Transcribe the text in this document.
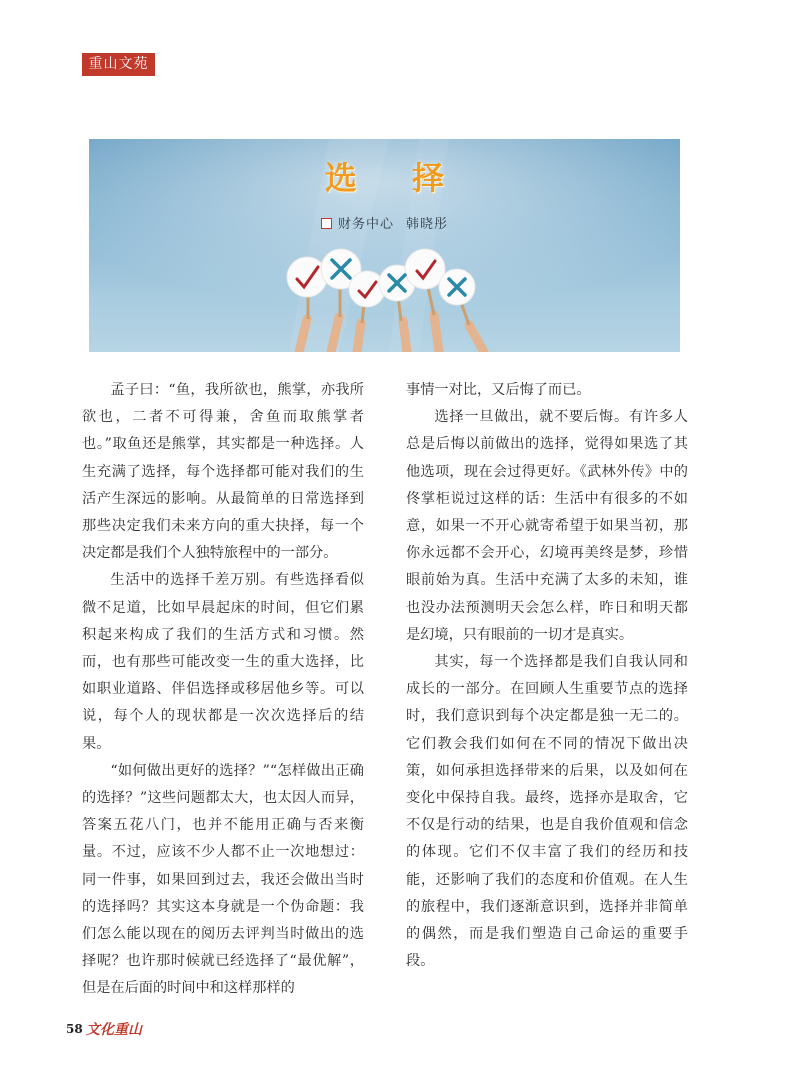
重山文苑
选 择
财务中心 韩晓彤

孟子曰：“鱼，我所欲也，熊掌，亦我所欲也，二者不可得兼，舍鱼而取熊掌者也。”取鱼还是熊掌，其实都是一种选择。人生充满了选择，每个选择都可能对我们的生活产生深远的影响。从最简单的日常选择到那些决定我们未来方向的重大抉择，每一个决定都是我们个人独特旅程中的一部分。

生活中的选择千差万别。有些选择看似微不足道，比如早晨起床的时间，但它们累积起来构成了我们的生活方式和习惯。然而，也有那些可能改变一生的重大选择，比如职业道路、伴侣选择或移居他乡等。可以说，每个人的现状都是一次次选择后的结果。

“如何做出更好的选择？”“怎样做出正确的选择？”这些问题都太大，也太因人而异，答案五花八门，也并不能用正确与否来衡量。不过，应该不少人都不止一次地想过：同一件事，如果回到过去，我还会做出当时的选择吗？其实这本身就是一个伪命题：我们怎么能以现在的阅历去评判当时做出的选择呢？也许那时候就已经选择了“最优解”，但是在后面的时间中和这样那样的

事情一对比，又后悔了而已。

选择一旦做出，就不要后悔。有许多人总是后悔以前做出的选择，觉得如果选了其他选项，现在会过得更好。《武林外传》中的佟掌柜说过这样的话：生活中有很多的不如意，如果一不开心就寄希望于如果当初，那你永远都不会开心，幻境再美终是梦，珍惜眼前始为真。生活中充满了太多的未知，谁也没办法预测明天会怎么样，昨日和明天都是幻境，只有眼前的一切才是真实。

其实，每一个选择都是我们自我认同和成长的一部分。在回顾人生重要节点的选择时，我们意识到每个决定都是独一无二的。它们教会我们如何在不同的情况下做出决策，如何承担选择带来的后果，以及如何在变化中保持自我。最终，选择亦是取舍，它不仅是行动的结果，也是自我价值观和信念的体现。它们不仅丰富了我们的经历和技能，还影响了我们的态度和价值观。在人生的旅程中，我们逐渐意识到，选择并非简单的偶然，而是我们塑造自己命运的重要手段。

58 文化重山
